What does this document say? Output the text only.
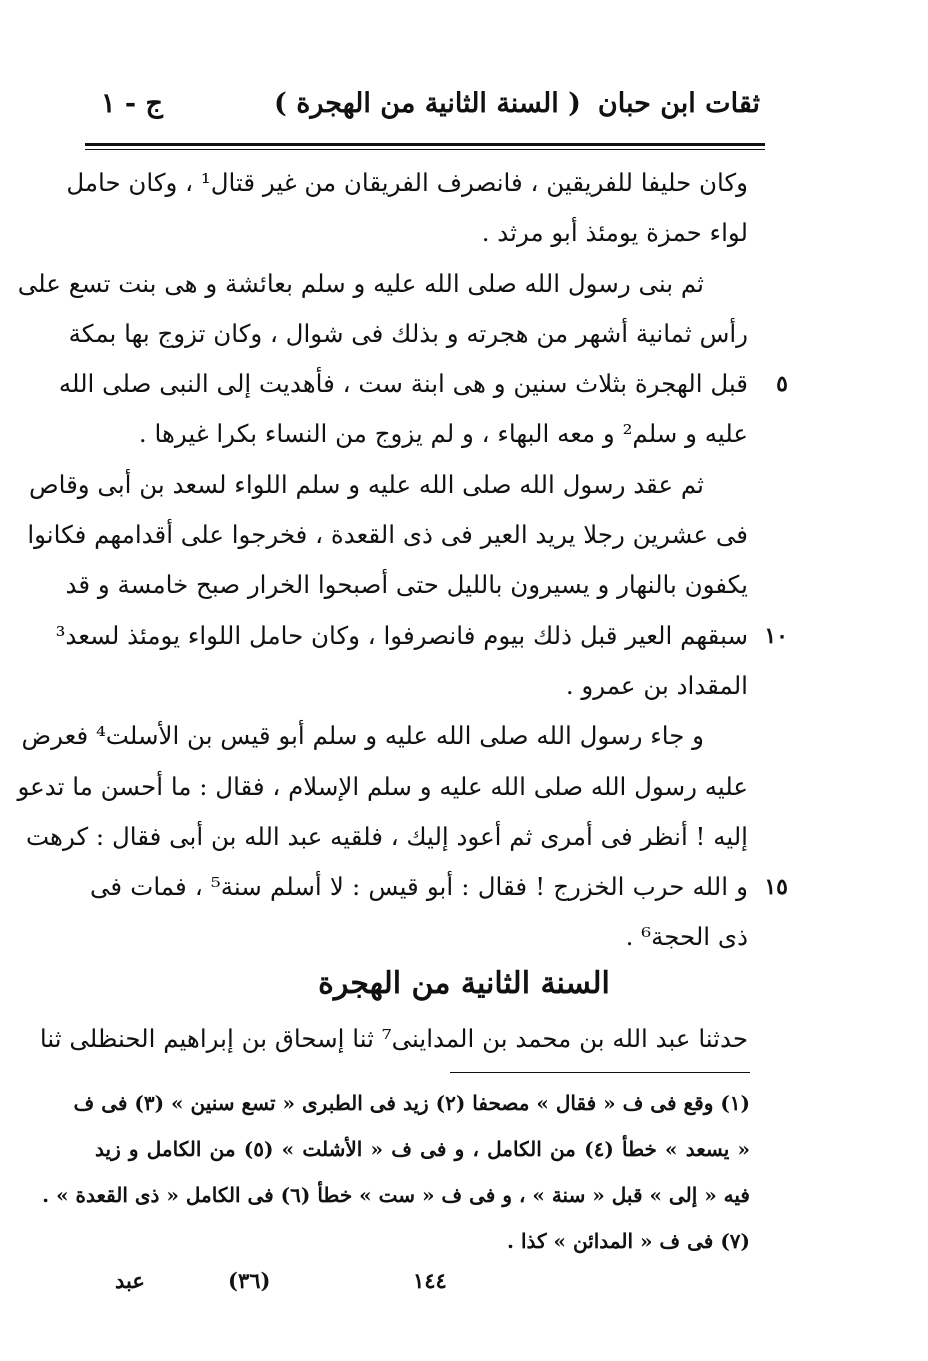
ثقات ابن حبان
( السنة الثانية من الهجرة )
ج - ١
وكان حليفا للفريقين ، فانصرف الفريقان من غير قتال¹ ، وكان حامل
لواء حمزة يومئذ أبو مرثد .
ثم بنى رسول الله صلى الله عليه و سلم بعائشة و هى بنت تسع على
رأس ثمانية أشهر من هجرته و بذلك فى شوال ، وكان تزوج بها بمكة
قبل الهجرة بثلاث سنين و هى ابنة ست ، فأهديت إلى النبى صلى الله ٥
عليه و سلم² و معه البهاء ، و لم يزوج من النساء بكرا غيرها .
ثم عقد رسول الله صلى الله عليه و سلم اللواء لسعد بن أبى وقاص
فى عشرين رجلا يريد العير فى ذى القعدة ، فخرجوا على أقدامهم فكانوا
يكفون بالنهار و يسيرون بالليل حتى أصبحوا الخرار صبح خامسة و قد
سبقهم العير قبل ذلك بيوم فانصرفوا ، وكان حامل اللواء يومئذ لسعد³ ١٠
المقداد بن عمرو .
و جاء رسول الله صلى الله عليه و سلم أبو قيس بن الأسلت⁴ فعرض
عليه رسول الله صلى الله عليه و سلم الإسلام ، فقال : ما أحسن ما تدعو
إليه ! أنظر فى أمرى ثم أعود إليك ، فلقيه عبد الله بن أبى فقال : كرهت
و الله حرب الخزرج ! فقال : أبو قيس : لا أسلم سنة⁵ ، فمات فى ١٥
ذى الحجة⁶ .
السنة الثانية من الهجرة
حدثنا عبد الله بن محمد بن المداينى⁷ ثنا إسحاق بن إبراهيم الحنظلى ثنا
(١) وقع فى ف « فقال » مصحفا (٢) زيد فى الطبرى « تسع سنين » (٣) فى ف
« يسعد » خطأ (٤) من الكامل ، و فى ف « الأشلت » (٥) من الكامل و زيد
فيه « إلى » قبل « سنة » ، و فى ف « ست » خطأ (٦) فى الكامل « ذى القعدة » .
(٧) فى ف « المدائن » كذا .
١٤٤
(٣٦)
عبد
